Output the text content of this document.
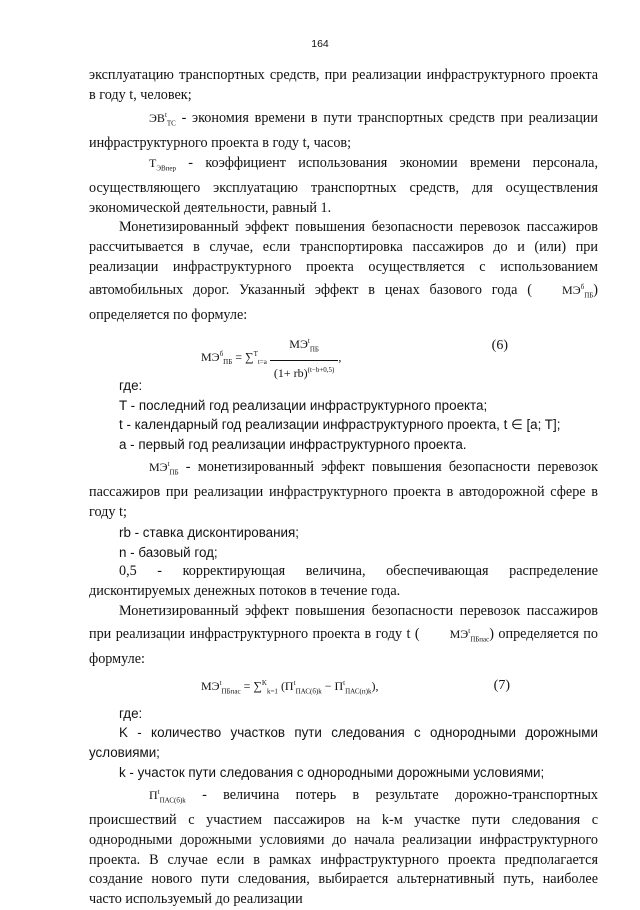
164

эксплуатацию транспортных средств, при реализации инфраструктурного проекта в году t, человек;

$ЭВ^t_{ТС}$ - экономия времени в пути транспортных средств при реализации инфраструктурного проекта в году t, часов;

$Т_{ЭВпер}$ - коэффициент использования экономии времени персонала, осуществляющего эксплуатацию транспортных средств, для осуществления экономической деятельности, равный 1.

Монетизированный эффект повышения безопасности перевозок пассажиров рассчитывается в случае, если транспортировка пассажиров до и (или) при реализации инфраструктурного проекта осуществляется с использованием автомобильных дорог. Указанный эффект в ценах базового года (	$МЭ^б_{ПБ}$) определяется по формуле:

$МЭ^б_{ПБ} = \sum^T_{t=a} \frac{МЭ^t_{ПБ}}{(1+ rb)^{(t-b+0,5)}}$ ,
(6)

где:

T - последний год реализации инфраструктурного проекта;

t - календарный год реализации инфраструктурного проекта, t ∈ [a; T];

a - первый год реализации инфраструктурного проекта.

$МЭ^t_{ПБ}$ - монетизированный эффект повышения безопасности перевозок пассажиров при реализации инфраструктурного проекта в автодорожной сфере в году t;

rb - ставка дисконтирования;

n - базовый год;

0,5 - корректирующая величина, обеспечивающая распределение дисконтируемых денежных потоков в течение года.

Монетизированный эффект повышения безопасности перевозок пассажиров при реализации инфраструктурного проекта в году t (	$МЭ^t_{ПБпас}$) определяется по формуле:

$МЭ^t_{ПБпас} = \sum^K_{k=1}$ $(П^t_{ПАС(б)k} - П^t_{ПАС(п)k})$,	(7)

где:

K - количество участков пути следования с однородными дорожными условиями;

k - участок пути следования с однородными дорожными условиями;

$П^t_{ПАС(б)k}$ - величина потерь в результате дорожно-транспортных происшествий с участием пассажиров на k-м участке пути следования с однородными дорожными условиями до начала реализации инфраструктурного проекта. В случае если в рамках инфраструктурного проекта предполагается создание нового пути следования, выбирается альтернативный путь, наиболее часто используемый до реализации
